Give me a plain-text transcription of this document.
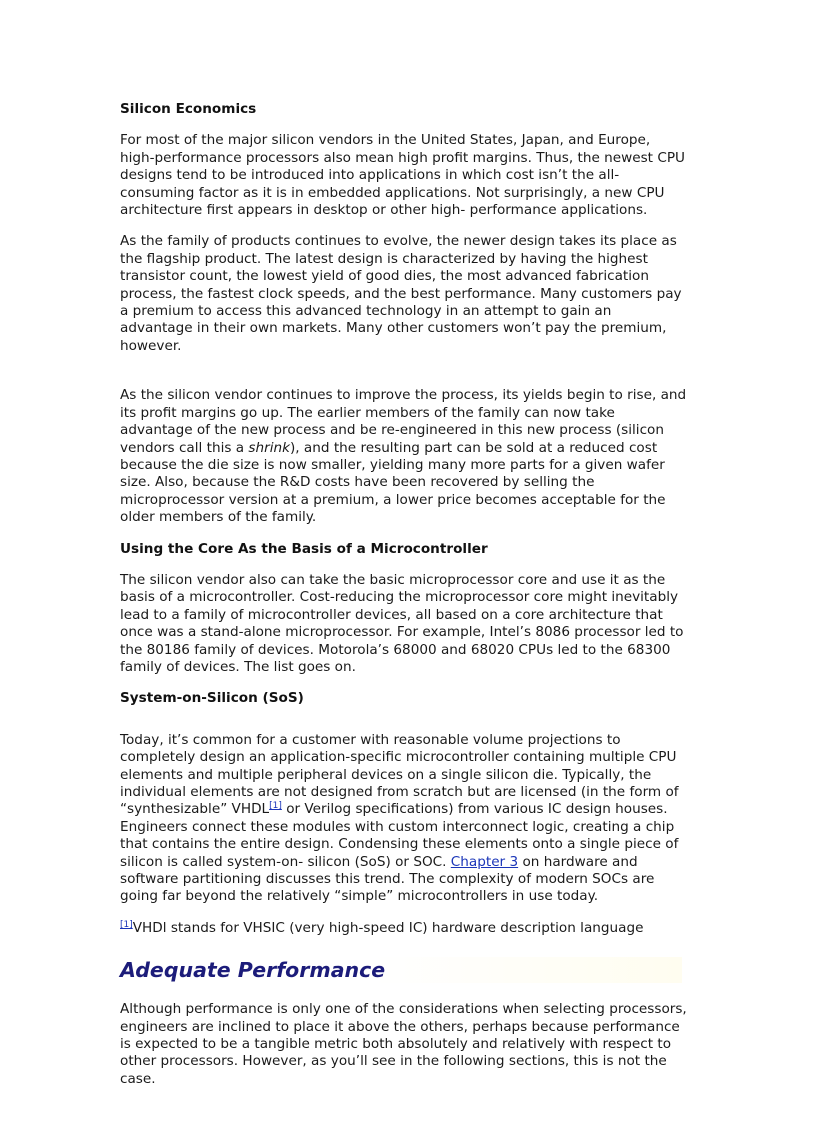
Silicon Economics

For most of the major silicon vendors in the United States, Japan, and Europe, high-performance processors also mean high profit margins. Thus, the newest CPU designs tend to be introduced into applications in which cost isn’t the all-consuming factor as it is in embedded applications. Not surprisingly, a new CPU architecture first appears in desktop or other high- performance applications.

As the family of products continues to evolve, the newer design takes its place as the flagship product. The latest design is characterized by having the highest transistor count, the lowest yield of good dies, the most advanced fabrication process, the fastest clock speeds, and the best performance. Many customers pay a premium to access this advanced technology in an attempt to gain an advantage in their own markets. Many other customers won’t pay the premium, however.

As the silicon vendor continues to improve the process, its yields begin to rise, and its profit margins go up. The earlier members of the family can now take advantage of the new process and be re-engineered in this new process (silicon vendors call this a shrink), and the resulting part can be sold at a reduced cost because the die size is now smaller, yielding many more parts for a given wafer size. Also, because the R&D costs have been recovered by selling the microprocessor version at a premium, a lower price becomes acceptable for the older members of the family.

Using the Core As the Basis of a Microcontroller

The silicon vendor also can take the basic microprocessor core and use it as the basis of a microcontroller. Cost-reducing the microprocessor core might inevitably lead to a family of microcontroller devices, all based on a core architecture that once was a stand-alone microprocessor. For example, Intel’s 8086 processor led to the 80186 family of devices. Motorola’s 68000 and 68020 CPUs led to the 68300 family of devices. The list goes on.

System-on-Silicon (SoS)

Today, it’s common for a customer with reasonable volume projections to completely design an application-specific microcontroller containing multiple CPU elements and multiple peripheral devices on a single silicon die. Typically, the individual elements are not designed from scratch but are licensed (in the form of “synthesizable” VHDL[1] or Verilog specifications) from various IC design houses. Engineers connect these modules with custom interconnect logic, creating a chip that contains the entire design. Condensing these elements onto a single piece of silicon is called system-on- silicon (SoS) or SOC. Chapter 3 on hardware and software partitioning discusses this trend. The complexity of modern SOCs are going far beyond the relatively “simple” microcontrollers in use today.

[1]VHDl stands for VHSIC (very high-speed IC) hardware description language

Adequate Performance

Although performance is only one of the considerations when selecting processors, engineers are inclined to place it above the others, perhaps because performance is expected to be a tangible metric both absolutely and relatively with respect to other processors. However, as you’ll see in the following sections, this is not the case.
